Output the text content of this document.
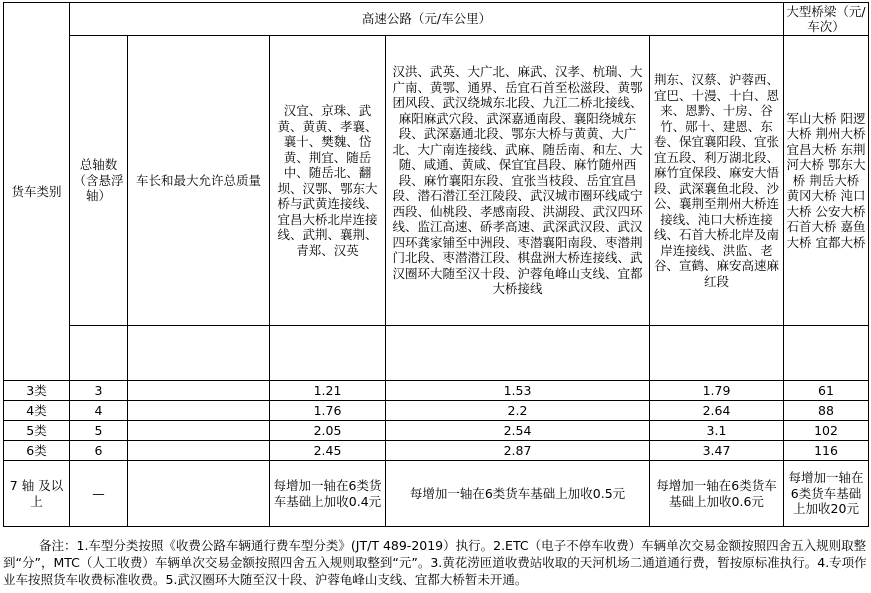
货车类别	高速公路（元/车公里）					大型桥梁（元/车次）
	总轴数（含悬浮轴）	车长和最大允许总质量	汉宜、京珠、武黄、黄黄、孝襄、襄十、樊魏、岱黄、荆宜、随岳中、随岳北、翻坝、汉鄂、鄂东大桥与武黄连接线、宜昌大桥北岸连接线、武荆、襄荆、青郑、汉英	汉洪、武英、大广北、麻武、汉孝、杭瑞、大广南、黄鄂、通界、岳宜石首至松滋段、黄鄂团风段、武汉绕城东北段、九江二桥北接线、麻阳麻武穴段、武深嘉通南段、襄阳绕城东段、武深嘉通北段、鄂东大桥与黄黄、大广北、大广南连接线、武麻、随岳南、和左、大随、咸通、黄咸、保宜宜昌段、麻竹随州西段、麻竹襄阳东段、宜张当枝段、岳宜宜昌段、潜石潜江至江陵段、武汉城市圈环线咸宁西段、仙桃段、孝感南段、洪湖段、武汉四环线、监江高速、硚孝高速、武深武汉段、武汉四环龚家铺至中洲段、枣潜襄阳南段、枣潜荆门北段、枣潜潜江段、棋盘洲大桥连接线、武汉圈环大随至汉十段、沪蓉龟峰山支线、宜都大桥接线	荆东、汉蔡、沪蓉西、宜巴、十漫、十白、恩来、恩黔、十房、谷竹、郧十、建恩、东卷、保宜襄阳段、宜张宜五段、利万湖北段、麻竹宜保段、麻安大悟段、武深襄鱼北段、沙公、襄荆至荆州大桥连接线、沌口大桥连接线、石首大桥北岸及南岸连接线、洪监、老谷、宣鹤、麻安高速麻红段	军山大桥 阳逻大桥 荆州大桥 宜昌大桥 东荆河大桥 鄂东大桥 荆岳大桥 黄冈大桥 沌口大桥 公安大桥 石首大桥 嘉鱼大桥 宜都大桥

3类	3		1.21	1.53	1.79	61
4类	4		1.76	2.2	2.64	88
5类	5		2.05	2.54	3.1	102
6类	6		2.45	2.87	3.47	116
7 轴 及以上	—		每增加一轴在6类货车基础上加收0.4元	每增加一轴在6类货车基础上加收0.5元	每增加一轴在6类货车基础上加收0.6元	每增加一轴在6类货车基础上加收20元
备注：1.车型分类按照《收费公路车辆通行费车型分类》(JT/T 489-2019）执行。2.ETC（电子不停车收费）车辆单次交易金额按照四舍五入规则取整到“分”，MTC（人工收费）车辆单次交易金额按照四舍五入规则取整到“元”。3.黄花涝匝道收费站收取的天河机场二通道通行费，暂按原标准执行。4.专项作业车按照货车收费标准收费。5.武汉圈环大随至汉十段、沪蓉龟峰山支线、宜都大桥暂未开通。
